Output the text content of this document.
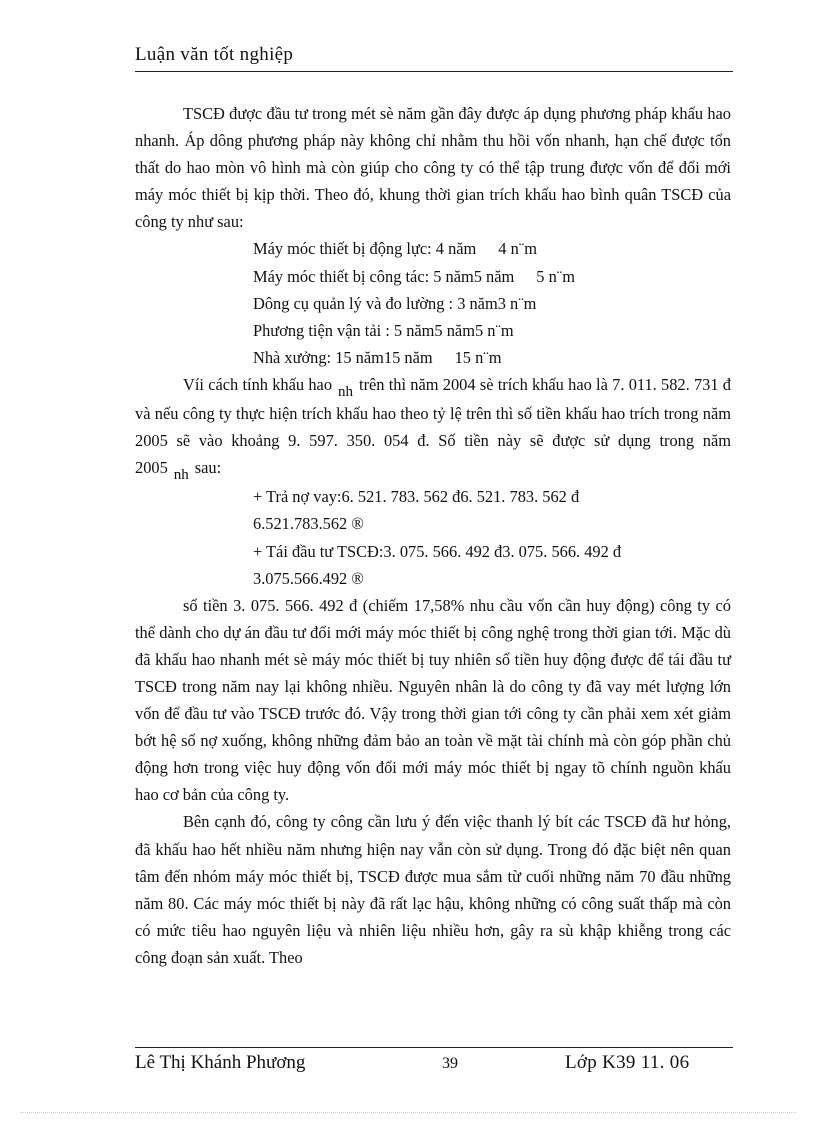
Luận văn tốt nghiệp

TSCĐ được đầu tư trong mét sè năm gần đây được áp dụng phương pháp khấu hao nhanh. Áp dông phương pháp này không chỉ nhằm thu hồi vốn nhanh, hạn chế được tổn thất do hao mòn vô hình mà còn giúp cho công ty có thể tập trung được vốn để đổi mới máy móc thiết bị kịp thời. Theo đó, khung thời gian trích khấu hao bình quân TSCĐ của công ty như sau:

Máy móc thiết bị động lực: 4 năm 4 n¨m
Máy móc thiết bị công tác: 5 năm5 năm 5 n¨m
Dông cụ quản lý và đo lường : 3 năm3 n¨m
Phương tiện vận tải : 5 năm5 năm5 n¨m
Nhà xưởng: 15 năm15 năm 15 n¨m

Víi cách tính khấu hao nh trên thì năm 2004 sè trích khấu hao là 7. 011. 582. 731 đ và nếu công ty thực hiện trích khấu hao theo tỷ lệ trên thì số tiền khấu hao trích trong năm 2005 sẽ vào khoảng 9. 597. 350. 054 đ. Số tiền này sẽ được sử dụng trong năm 2005 nh sau:

+ Trả nợ vay:6. 521. 783. 562 đ6. 521. 783. 562 đ
6.521.783.562 ®
+ Tái đầu tư TSCĐ:3. 075. 566. 492 đ3. 075. 566. 492 đ
3.075.566.492 ®

số tiền 3. 075. 566. 492 đ (chiếm 17,58% nhu cầu vốn cần huy động) công ty có thể dành cho dự án đầu tư đổi mới máy móc thiết bị công nghệ trong thời gian tới. Mặc dù đã khấu hao nhanh mét sè máy móc thiết bị tuy nhiên số tiền huy động được để tái đầu tư TSCĐ trong năm nay lại không nhiều. Nguyên nhân là do công ty đã vay mét lượng lớn vốn để đầu tư vào TSCĐ trước đó. Vậy trong thời gian tới công ty cần phải xem xét giảm bớt hệ số nợ xuống, không những đảm bảo an toàn về mặt tài chính mà còn góp phần chủ động hơn trong việc huy động vốn đổi mới máy móc thiết bị ngay tõ chính nguồn khấu hao cơ bản của công ty.

Bên cạnh đó, công ty công cần lưu ý đến việc thanh lý bít các TSCĐ đã hư hỏng, đã khấu hao hết nhiều năm nhưng hiện nay vẫn còn sử dụng. Trong đó đặc biệt nên quan tâm đến nhóm máy móc thiết bị, TSCĐ được mua sắm từ cuối những năm 70 đầu những năm 80. Các máy móc thiết bị này đã rất lạc hậu, không những có công suất thấp mà còn có mức tiêu hao nguyên liệu và nhiên liệu nhiều hơn, gây ra sù khập khiễng trong các công đoạn sản xuất. Theo

Lê Thị Khánh Phương	39	Lớp K39 11. 06
